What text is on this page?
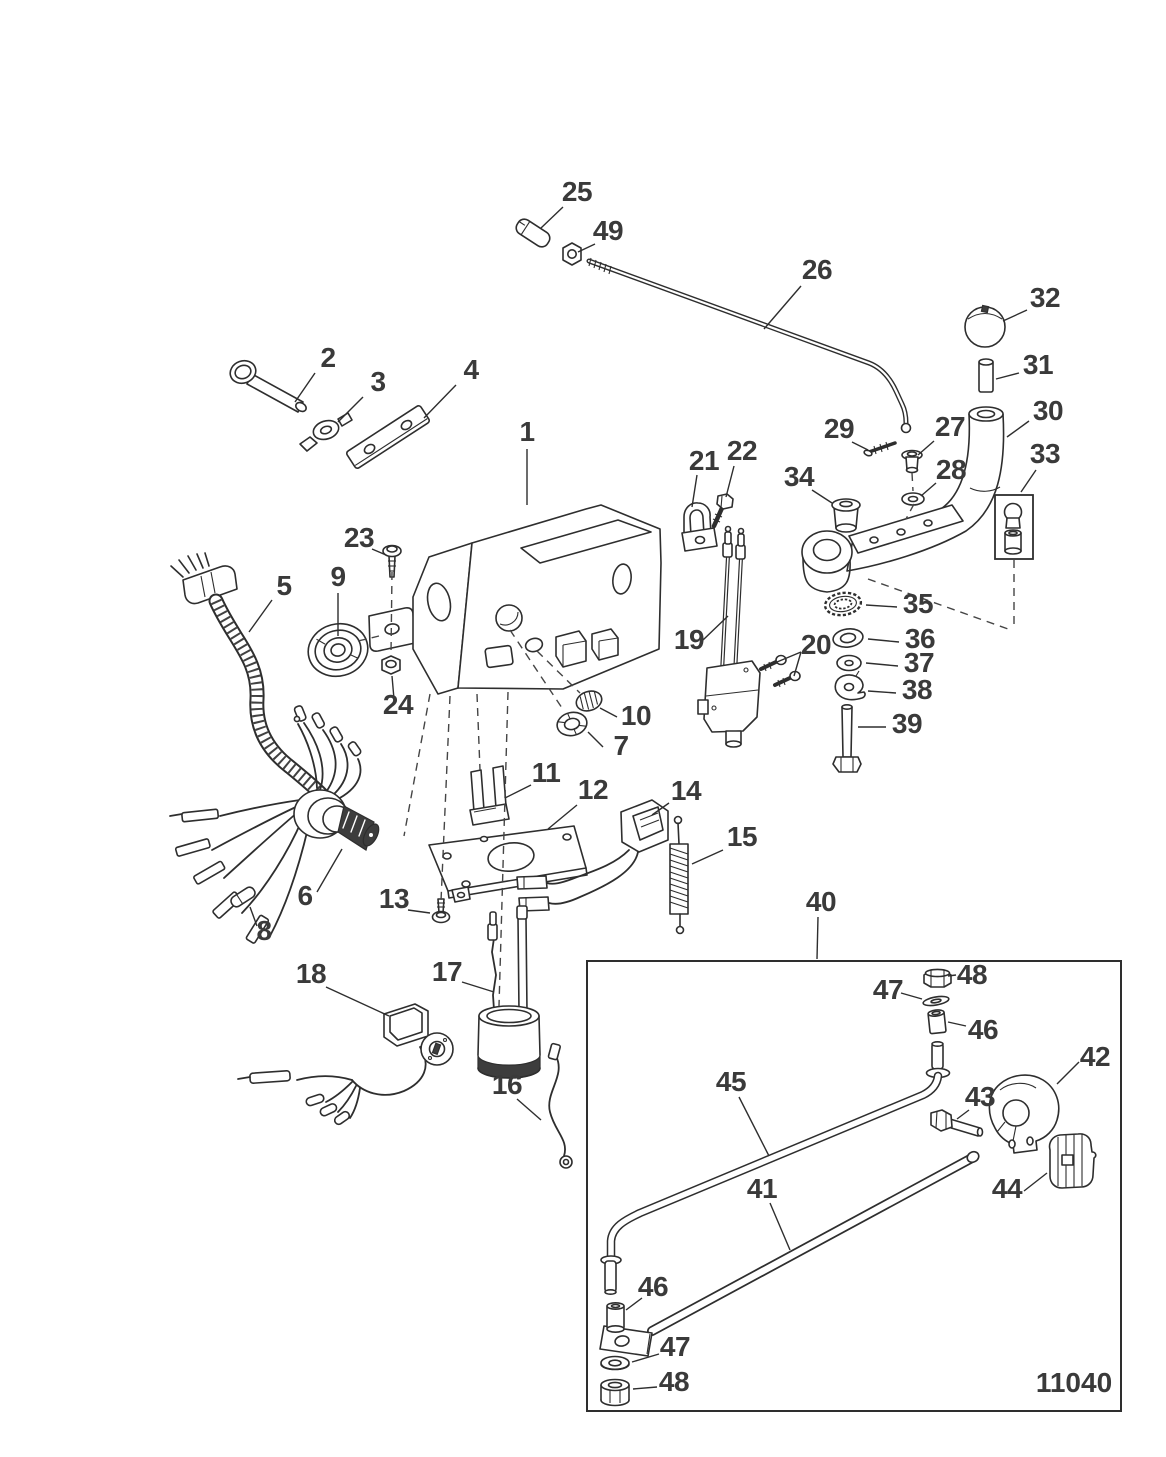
1
2
3	4
5
6
7
8
9
10
11
12
13
14
15
16
17
18
19	20
21 22
23
24
25
26
27
28
29
30
31
32
33
34
35
36
37
38
39
40
41
42
43
44
45
46
47 48
46
47
48
49
11040
